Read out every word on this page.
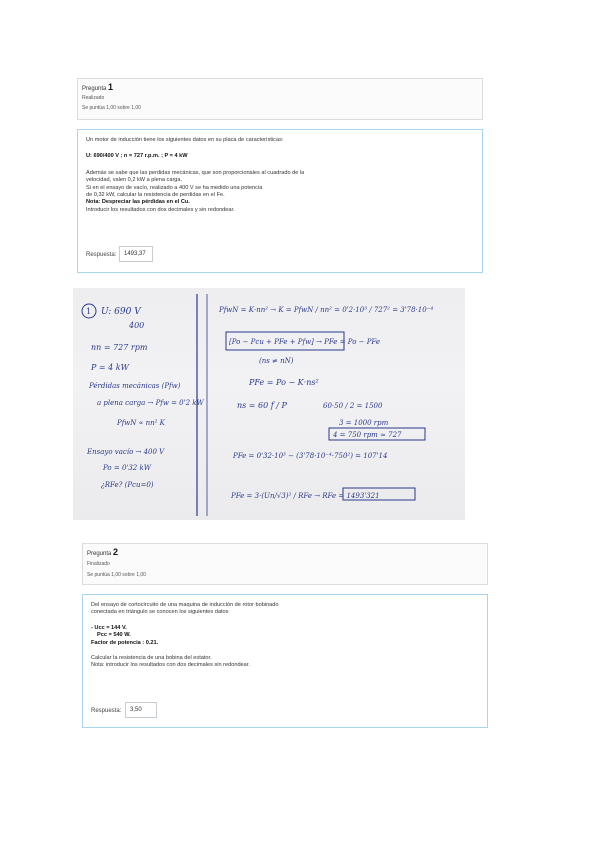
Pregunta 1
Realizado
Se puntúa 1,00 sobre 1,00
Un motor de inducción tiene los siguientes datos en su placa de características:
U: 690/400 V ; n = 727 r.p.m. ; P = 4 kW
Además se sabe que las perdidas mecánicas, que son proporcionales al cuadrado de la
velocidad, valen 0,2 kW a plena carga.
Si en el ensayo de vacío, realizado a 400 V se ha medido una potencia
de 0,32 kW, calcular la resistencia de perdidas en el Fe.
Nota: Despreciar las pérdidas en el Cu.
Introducir los resultados con dos decimales y sin redondear.
Respuesta:	1493,37
1 U: 690 V
400
nn = 727 rpm
P = 4 kW
Pérdidas mecánicas (Pfw)
a plena carga → Pfw = 0'2 kW
PfwN ∝ nn² K
Ensayo vacío → 400 V
Po = 0'32 kW
¿RFe? (Pcu=0)
PfwN = K·nn² → K = PfwN / nn² = 0'2·10³ / 727² = 3'78·10⁻⁴
[Po − Pcu + PFe + Pfw] → PFe = Po − PFe
(ns ≠ nN)
PFe = Po − K·ns²
ns = 60 f / P	60·50 / 2 = 1500
3 = 1000 rpm
4 = 750 rpm ≈ 727
PFe = 0'32·10³ − (3'78·10⁻⁴·750²) = 107'14
PFe = 3·(Un/√3)² / RFe → RFe = 1493'321
Pregunta 2
Finalizado
Se puntúa 1,00 sobre 1,00
Del ensayo de cortocircuito de una maquina de inducción de rotor bobinado
conectada en triángulo se conocen los siguientes datos
- Ucc = 144 V.
Pcc = 540 W.
Factor de potencia : 0.21.
Calcular la resistencia de una bobina del estator.
Nota: introducir los resultados con dos decimales sin redondear.
Respuesta:	3,50
